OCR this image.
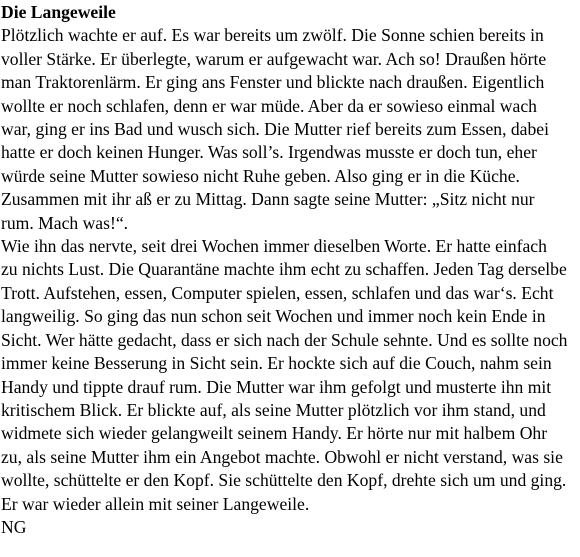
Die Langeweile
Plötzlich wachte er auf. Es war bereits um zwölf. Die Sonne schien bereits in
voller Stärke. Er überlegte, warum er aufgewacht war. Ach so! Draußen hörte
man Traktorenlärm. Er ging ans Fenster und blickte nach draußen. Eigentlich
wollte er noch schlafen, denn er war müde. Aber da er sowieso einmal wach
war, ging er ins Bad und wusch sich. Die Mutter rief bereits zum Essen, dabei
hatte er doch keinen Hunger. Was soll’s. Irgendwas musste er doch tun, eher
würde seine Mutter sowieso nicht Ruhe geben. Also ging er in die Küche.
Zusammen mit ihr aß er zu Mittag. Dann sagte seine Mutter: „Sitz nicht nur
rum. Mach was!“.
Wie ihn das nervte, seit drei Wochen immer dieselben Worte. Er hatte einfach
zu nichts Lust. Die Quarantäne machte ihm echt zu schaffen. Jeden Tag derselbe
Trott. Aufstehen, essen, Computer spielen, essen, schlafen und das war‘s. Echt
langweilig. So ging das nun schon seit Wochen und immer noch kein Ende in
Sicht. Wer hätte gedacht, dass er sich nach der Schule sehnte. Und es sollte noch
immer keine Besserung in Sicht sein. Er hockte sich auf die Couch, nahm sein
Handy und tippte drauf rum. Die Mutter war ihm gefolgt und musterte ihn mit
kritischem Blick. Er blickte auf, als seine Mutter plötzlich vor ihm stand, und
widmete sich wieder gelangweilt seinem Handy. Er hörte nur mit halbem Ohr
zu, als seine Mutter ihm ein Angebot machte. Obwohl er nicht verstand, was sie
wollte, schüttelte er den Kopf. Sie schüttelte den Kopf, drehte sich um und ging.
Er war wieder allein mit seiner Langeweile.
NG
